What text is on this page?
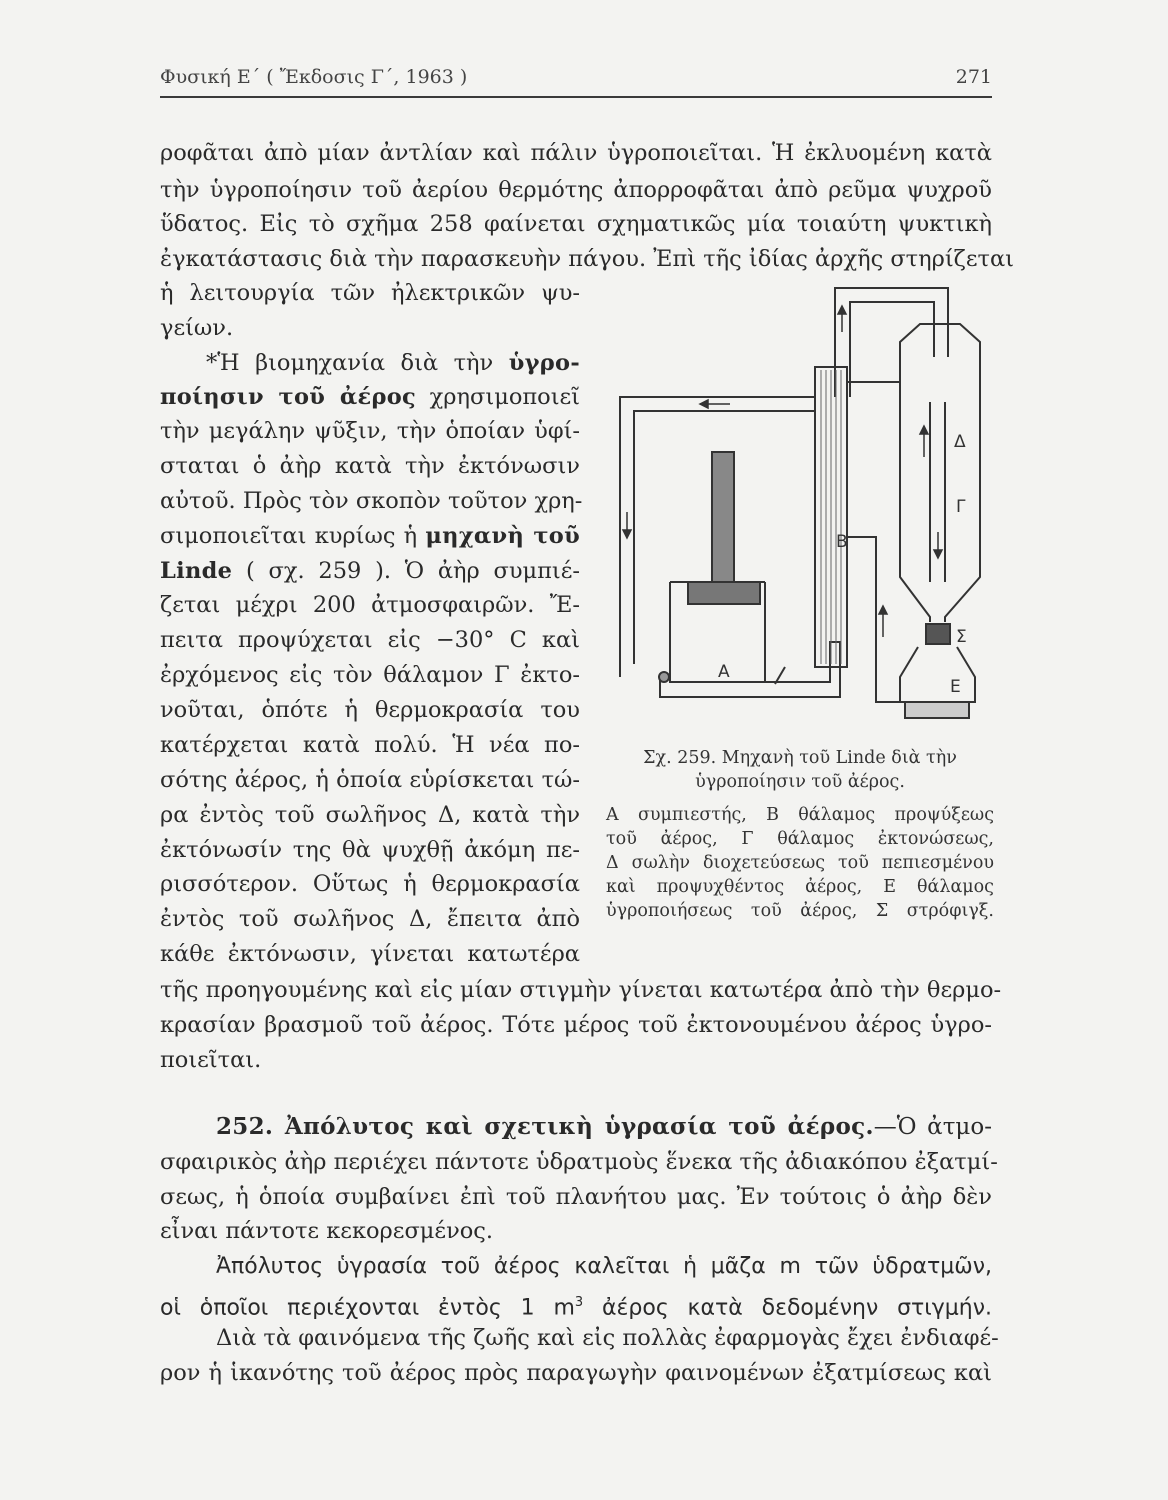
Φυσική Ε΄ ( Ἔκδοσις Γ΄, 1963 )	271
ροφᾶται ἀπὸ μίαν ἀντλίαν καὶ πάλιν ὑγροποιεῖται. Ἡ ἐκλυομένη κατὰ
τὴν ὑγροποίησιν τοῦ ἀερίου θερμότης ἀπορροφᾶται ἀπὸ ρεῦμα ψυχροῦ
ὕδατος. Εἰς τὸ σχῆμα 258 φαίνεται σχηματικῶς μία τοιαύτη ψυκτικὴ
ἐγκατάστασις διὰ τὴν παρασκευὴν πάγου. Ἐπὶ τῆς ἰδίας ἀρχῆς στηρίζεται
ἡ λειτουργία τῶν ἠλεκτρικῶν ψυ-
γείων.
*Ἡ βιομηχανία διὰ τὴν ὑγρο-
ποίησιν τοῦ ἀέρος χρησιμοποιεῖ
τὴν μεγάλην ψῦξιν, τὴν ὁποίαν ὑφί-
σταται ὁ ἀὴρ κατὰ τὴν ἐκτόνωσιν
αὐτοῦ. Πρὸς τὸν σκοπὸν τοῦτον χρη-
σιμοποιεῖται κυρίως ἡ μηχανὴ τοῦ
Linde ( σχ. 259 ). Ὁ ἀὴρ συμπιέ-
ζεται μέχρι 200 ἀτμοσφαιρῶν. Ἔ-
πειτα προψύχεται εἰς −30° C καὶ
ἐρχόμενος εἰς τὸν θάλαμον Γ ἐκτο-
νοῦται, ὁπότε ἡ θερμοκρασία του
κατέρχεται κατὰ πολύ. Ἡ νέα πο-
σότης ἀέρος, ἡ ὁποία εὑρίσκεται τώ-
ρα ἐντὸς τοῦ σωλῆνος Δ, κατὰ τὴν
ἐκτόνωσίν της θὰ ψυχθῇ ἀκόμη πε-
ρισσότερον. Οὕτως ἡ θερμοκρασία
ἐντὸς τοῦ σωλῆνος Δ, ἔπειτα ἀπὸ
κάθε ἐκτόνωσιν, γίνεται κατωτέρα
Α
Β
Γ
Δ
Ε
Σ
Σχ. 259. Μηχανὴ τοῦ Linde διὰ τὴν
ὑγροποίησιν τοῦ ἀέρος.
Α συμπιεστής, Β θάλαμος προψύξεως
τοῦ ἀέρος, Γ θάλαμος ἐκτονώσεως,
Δ σωλὴν διοχετεύσεως τοῦ πεπιεσμένου
καὶ προψυχθέντος ἀέρος, Ε θάλαμος
ὑγροποιήσεως τοῦ ἀέρος, Σ στρόφιγξ.
τῆς προηγουμένης καὶ εἰς μίαν στιγμὴν γίνεται κατωτέρα ἀπὸ τὴν θερμο-
κρασίαν βρασμοῦ τοῦ ἀέρος. Τότε μέρος τοῦ ἐκτονουμένου ἀέρος ὑγρο-
ποιεῖται.
252. Ἀπόλυτος καὶ σχετικὴ ὑγρασία τοῦ ἀέρος.—Ὁ ἀτμο-
σφαιρικὸς ἀὴρ περιέχει πάντοτε ὑδρατμοὺς ἕνεκα τῆς ἀδιακόπου ἐξατμί-
σεως, ἡ ὁποία συμβαίνει ἐπὶ τοῦ πλανήτου μας. Ἐν τούτοις ὁ ἀὴρ δὲν
εἶναι πάντοτε κεκορεσμένος.
Ἀπόλυτος ὑγρασία τοῦ ἀέρος καλεῖται ἡ μᾶζα m τῶν ὑδρατμῶν,
οἱ ὁποῖοι περιέχονται ἐντὸς 1 $m^3$ ἀέρος κατὰ δεδομένην στιγμήν.
Διὰ τὰ φαινόμενα τῆς ζωῆς καὶ εἰς πολλὰς ἐφαρμογὰς ἔχει ἐνδιαφέ-
ρον ἡ ἱκανότης τοῦ ἀέρος πρὸς παραγωγὴν φαινομένων ἐξατμίσεως καὶ
